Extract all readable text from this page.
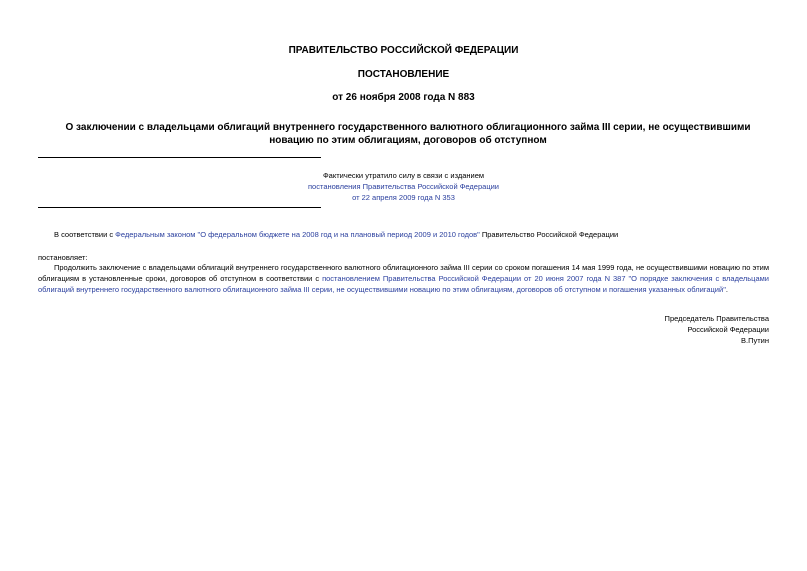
ПРАВИТЕЛЬСТВО РОССИЙСКОЙ ФЕДЕРАЦИИ
ПОСТАНОВЛЕНИЕ
от 26 ноября 2008 года N 883
О заключении с владельцами облигаций внутреннего государственного валютного облигационного займа III серии, не осуществившими новацию по этим облигациям, договоров об отступном
Фактически утратило силу в связи с изданием
постановления Правительства Российской Федерации
от 22 апреля 2009 года N 353
В соответствии с Федеральным законом "О федеральном бюджете на 2008 год и на плановый период 2009 и 2010 годов" Правительство Российской Федерации
постановляет:
Продолжить заключение с владельцами облигаций внутреннего государственного валютного облигационного займа III серии со сроком погашения 14 мая 1999 года, не осуществившими новацию по этим облигациям в установленные сроки, договоров об отступном в соответствии с постановлением Правительства Российской Федерации от 20 июня 2007 года N 387 "О порядке заключения с владельцами облигаций внутреннего государственного валютного облигационного займа III серии, не осуществившими новацию по этим облигациям, договоров об отступном и погашения указанных облигаций".
Председатель Правительства
Российской Федерации
В.Путин
